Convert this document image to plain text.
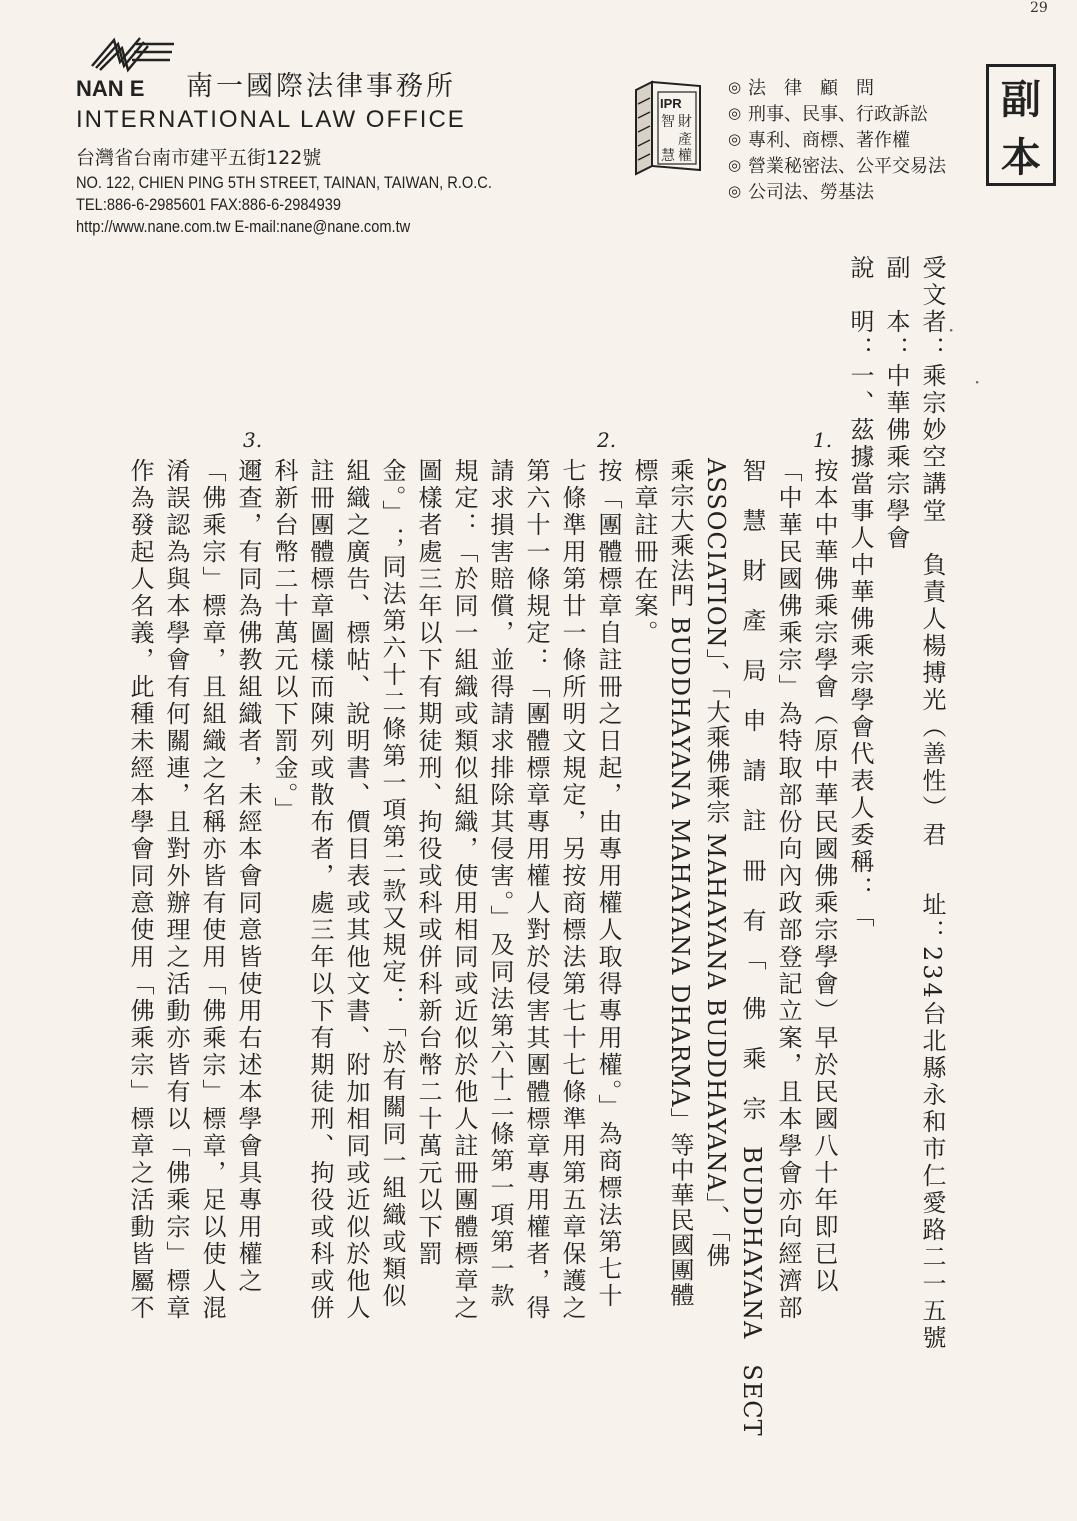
29
NAN E 南一國際法律事務所
INTERNATIONAL LAW OFFICE
台灣省台南市建平五街122號
NO. 122, CHIEN PING 5TH STREET, TAINAN, TAIWAN, R.O.C.
TEL:886-6-2985601 FAX:886-6-2984939
http://www.nane.com.tw E-mail:nane@nane.com.tw
IPR
智 財
產
慧 權
◎ 法　律　顧　問
◎ 刑事、民事、行政訴訟
◎ 專利、商標、著作權
◎ 營業秘密法、公平交易法
◎ 公司法、勞基法
副
本
址：234台北縣永和市仁愛路二一五號
受文者：乘宗妙空講堂　負責人楊搏光（善性）君
副　本：中華佛乘宗學會
說　明：一、茲據當事人中華佛乘宗學會代表人委稱：「	·
·
1.
按本中華佛乘宗學會（原中華民國佛乘宗學會）早於民國八十年即已以
「中華民國佛乘宗」為特取部份向內政部登記立案，且本學會亦向經濟部
智　慧　財　產　局　申　請　註　冊　有　「　佛　乘　宗　BUDDHAYANA　SECT
ASSOCIATION」、「大乘佛乘宗 MAHAYANA BUDDHAYANA」、「佛
乘宗大乘法門 BUDDHAYANA MAHAYANA DHARMA」等中華民國團體
標章註冊在案。
2.
按「團體標章自註冊之日起，由專用權人取得專用權。」為商標法第七十
七條準用第廿一條所明文規定，另按商標法第七十七條準用第五章保護之
第六十一條規定：「團體標章專用權人對於侵害其團體標章專用權者，得
請求損害賠償，並得請求排除其侵害。」及同法第六十二條第一項第一款
規定：「於同一組織或類似組織，使用相同或近似於他人註冊團體標章之
圖樣者處三年以下有期徒刑、拘役或科或併科新台幣二十萬元以下罰
金。」；同法第六十二條第一項第二款又規定：「於有關同一組織或類似
組織之廣告、標帖、說明書、價目表或其他文書、附加相同或近似於他人
註冊團體標章圖樣而陳列或散布者，處三年以下有期徒刑、拘役或科或併
科新台幣二十萬元以下罰金。」
3.
邇查，有同為佛教組織者，未經本會同意皆使用右述本學會具專用權之
「佛乘宗」標章，且組織之名稱亦皆有使用「佛乘宗」標章，足以使人混
淆誤認為與本學會有何關連，且對外辦理之活動亦皆有以「佛乘宗」標章
作為發起人名義，此種未經本學會同意使用「佛乘宗」標章之活動皆屬不
